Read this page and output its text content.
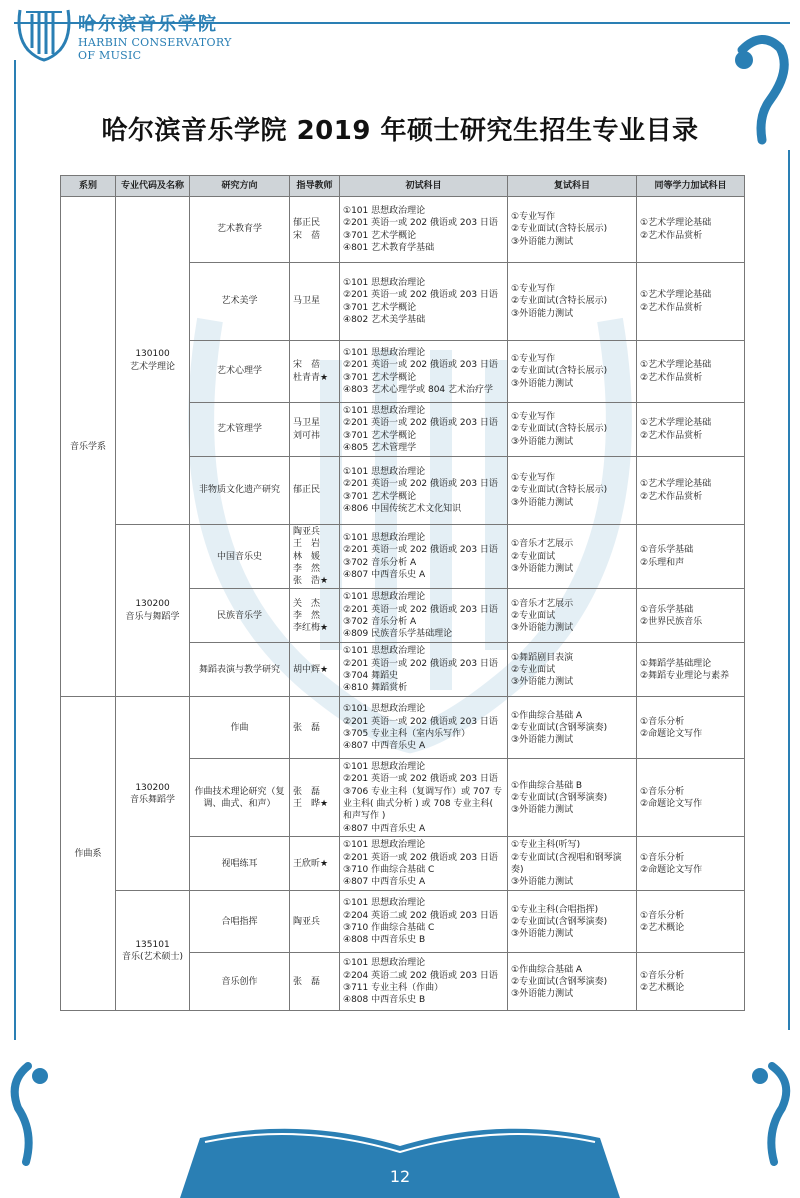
哈尔滨音乐学院
HARBIN CONSERVATORY
OF MUSIC
哈尔滨音乐学院 2019 年硕士研究生招生专业目录
系别	专业代码及名称	研究方向	指导教师	初试科目	复试科目	同等学力加试科目
音乐学系	130100
艺术学理论	艺术教育学	郁正民
宋　蓓	①101 思想政治理论
②201 英语一或 202 俄语或 203 日语
③701 艺术学概论
④801 艺术教育学基础	①专业写作
②专业面试(含特长展示)
③外语能力测试	①艺术学理论基础
②艺术作品赏析

		艺术美学	马卫星	①101 思想政治理论
②201 英语一或 202 俄语或 203 日语
③701 艺术学概论
④802 艺术美学基础	①专业写作
②专业面试(含特长展示)
③外语能力测试	①艺术学理论基础
②艺术作品赏析

		艺术心理学	宋　蓓
杜青青★	①101 思想政治理论
②201 英语一或 202 俄语或 203 日语
③701 艺术学概论
④803 艺术心理学或 804 艺术治疗学	①专业写作
②专业面试(含特长展示)
③外语能力测试	①艺术学理论基础
②艺术作品赏析

		艺术管理学	马卫星
刘可祎	①101 思想政治理论
②201 英语一或 202 俄语或 203 日语
③701 艺术学概论
④805 艺术管理学	①专业写作
②专业面试(含特长展示)
③外语能力测试	①艺术学理论基础
②艺术作品赏析

		非物质文化遗产研究	郁正民	①101 思想政治理论
②201 英语一或 202 俄语或 203 日语
③701 艺术学概论
④806 中国传统艺术文化知识	①专业写作
②专业面试(含特长展示)
③外语能力测试	①艺术学理论基础
②艺术作品赏析

	130200
音乐与舞蹈学	中国音乐史	陶亚兵
王　岩
林　媛
李　然
张　浩★	①101 思想政治理论
②201 英语一或 202 俄语或 203 日语
③702 音乐分析 A
④807 中西音乐史 A	①音乐才艺展示
②专业面试
③外语能力测试	①音乐学基础
②乐理和声

		民族音乐学	关　杰
李　然
李红梅★	①101 思想政治理论
②201 英语一或 202 俄语或 203 日语
③702 音乐分析 A
④809 民族音乐学基础理论	①音乐才艺展示
②专业面试
③外语能力测试	①音乐学基础
②世界民族音乐

		舞蹈表演与教学研究	胡中辉★	①101 思想政治理论
②201 英语一或 202 俄语或 203 日语
③704 舞蹈史
④810 舞蹈赏析	①舞蹈剧目表演
②专业面试
③外语能力测试	①舞蹈学基础理论
②舞蹈专业理论与素养

作曲系	130200
音乐舞蹈学	作曲	张　磊	①101 思想政治理论
②201 英语一或 202 俄语或 203 日语
③705 专业主科（室内乐写作）
④807 中西音乐史 A	①作曲综合基础 A
②专业面试(含钢琴演奏)
③外语能力测试	①音乐分析
②命题论文写作

		作曲技术理论研究（复调、曲式、和声）	张　磊
王　晔★	①101 思想政治理论
②201 英语一或 202 俄语或 203 日语
③706 专业主科（复调写作）或 707 专业主科( 曲式分析 ) 或 708 专业主科( 和声写作 )
④807 中西音乐史 A	①作曲综合基础 B
②专业面试(含钢琴演奏)
③外语能力测试	①音乐分析
②命题论文写作

		视唱练耳	王欣昕★	①101 思想政治理论
②201 英语一或 202 俄语或 203 日语
③710 作曲综合基础 C
④807 中西音乐史 A	①专业主科(听写)
②专业面试(含视唱和钢琴演奏)
③外语能力测试	①音乐分析
②命题论文写作

	135101
音乐(艺术硕士)	合唱指挥	陶亚兵	①101 思想政治理论
②204 英语二或 202 俄语或 203 日语
③710 作曲综合基础 C
④808 中西音乐史 B	①专业主科(合唱指挥)
②专业面试(含钢琴演奏)
③外语能力测试	①音乐分析
②艺术概论

		音乐创作	张　磊	①101 思想政治理论
②204 英语二或 202 俄语或 203 日语
③711 专业主科（作曲）
④808 中西音乐史 B	①作曲综合基础 A
②专业面试(含钢琴演奏)
③外语能力测试	①音乐分析
②艺术概论
12
